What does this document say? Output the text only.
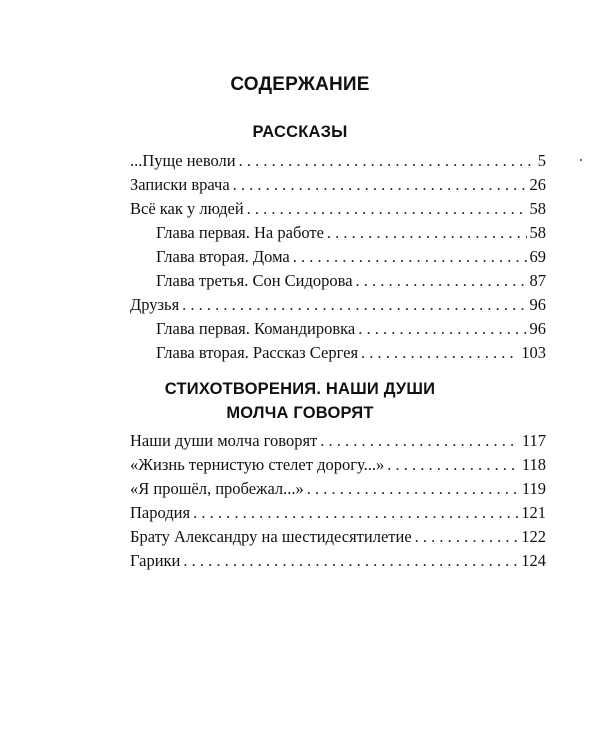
СОДЕРЖАНИЕ
РАССКАЗЫ
...Пуще неволи . . .	5
Записки врача . . .	26
Всё как у людей . . .	58
Глава первая. На работе . . .	58
Глава вторая. Дома . . .	69
Глава третья. Сон Сидорова . . .	87
Друзья . . .	96
Глава первая. Командировка . . .	96
Глава вторая. Рассказ Сергея . . .	103
СТИХОТВОРЕНИЯ. НАШИ ДУШИ
МОЛЧА ГОВОРЯТ
Наши души молча говорят . . .	117
«Жизнь тернистую стелет дорогу...» . . .	118
«Я прошёл, пробежал...» . . .	119
Пародия . . .	121
Брату Александру на шестидесятилетие . . .	122
Гарики . . .	124
